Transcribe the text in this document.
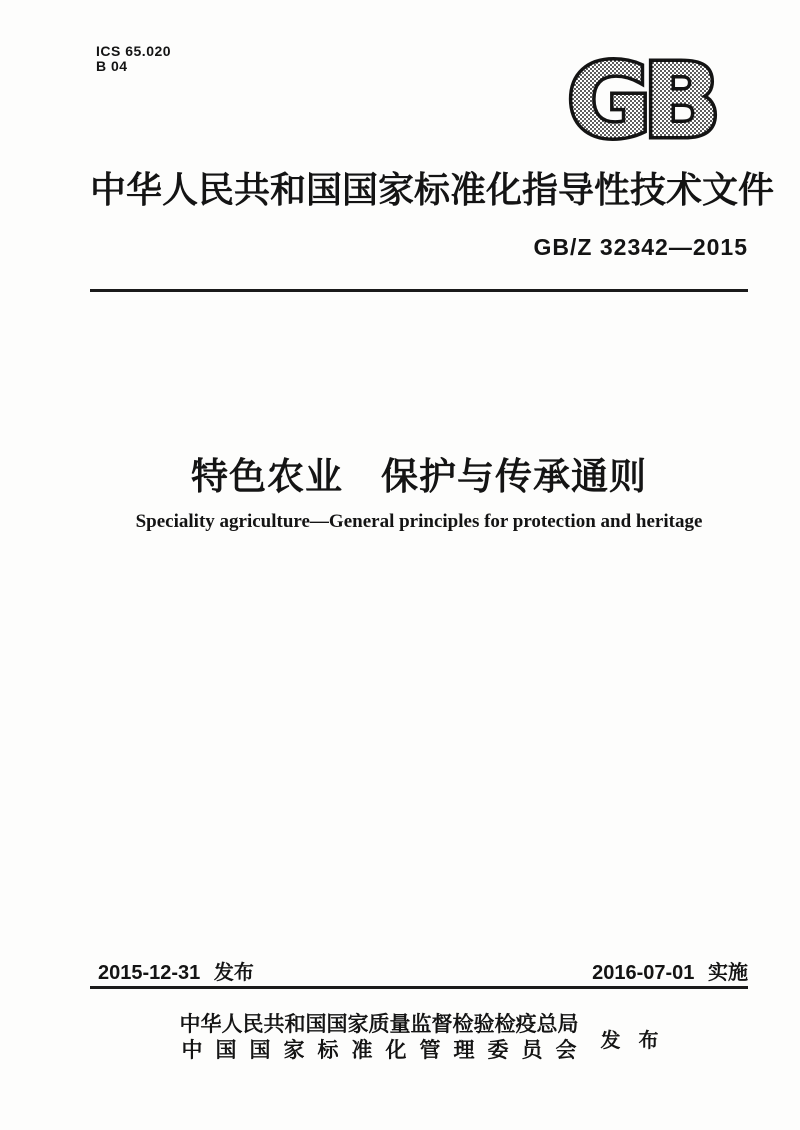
ICS 65.020
B 04	GB
中华人民共和国国家标准化指导性技术文件
GB/Z 32342—2015
特色农业　保护与传承通则
Speciality agriculture—General principles for protection and heritage
2015-12-31 发布	2016-07-01 实施
中华人民共和国国家质量监督检验检疫总局
中国国家标准化管理委员会 发布
